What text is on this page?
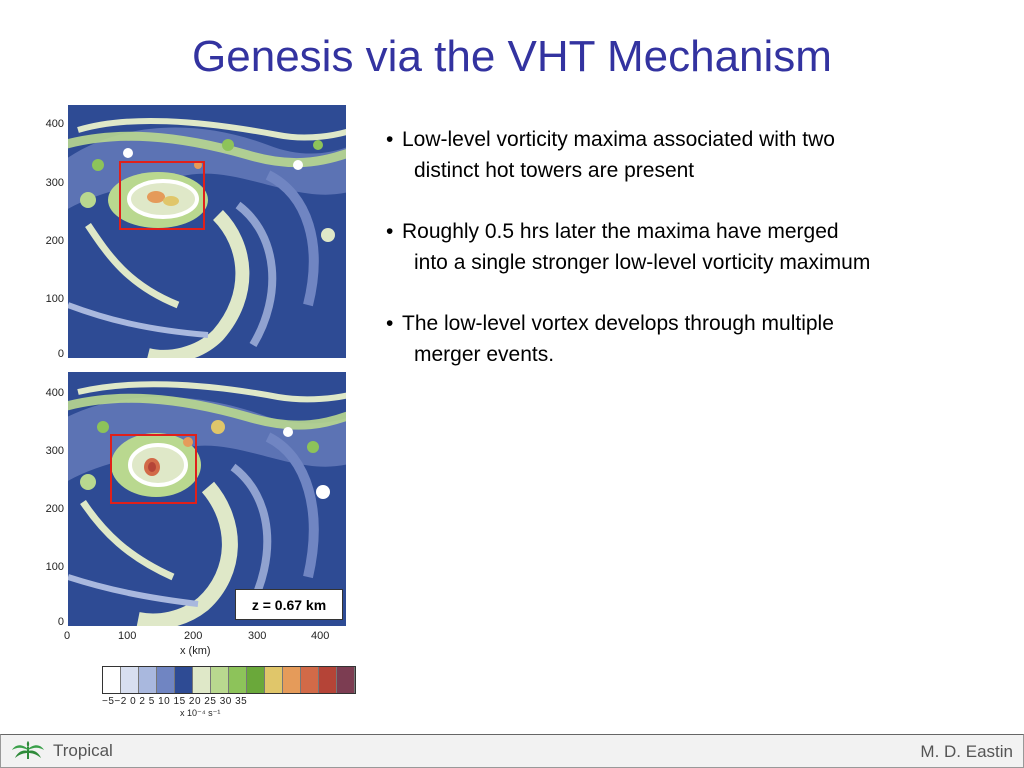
Genesis via the VHT Mechanism
400
300
200
100
0
400
300
200
100
0
z = 0.67 km
0	100	200	300	400
x (km)
−5−2 0 2 5 10 15 20 25 30 35
x 10⁻⁴ s⁻¹
• Low-level vorticity maxima associated with two
distinct hot towers are present
• Roughly 0.5 hrs later the maxima have merged
into a single stronger low-level vorticity maximum
• The low-level vortex develops through multiple
merger events.
Tropical	M. D. Eastin
